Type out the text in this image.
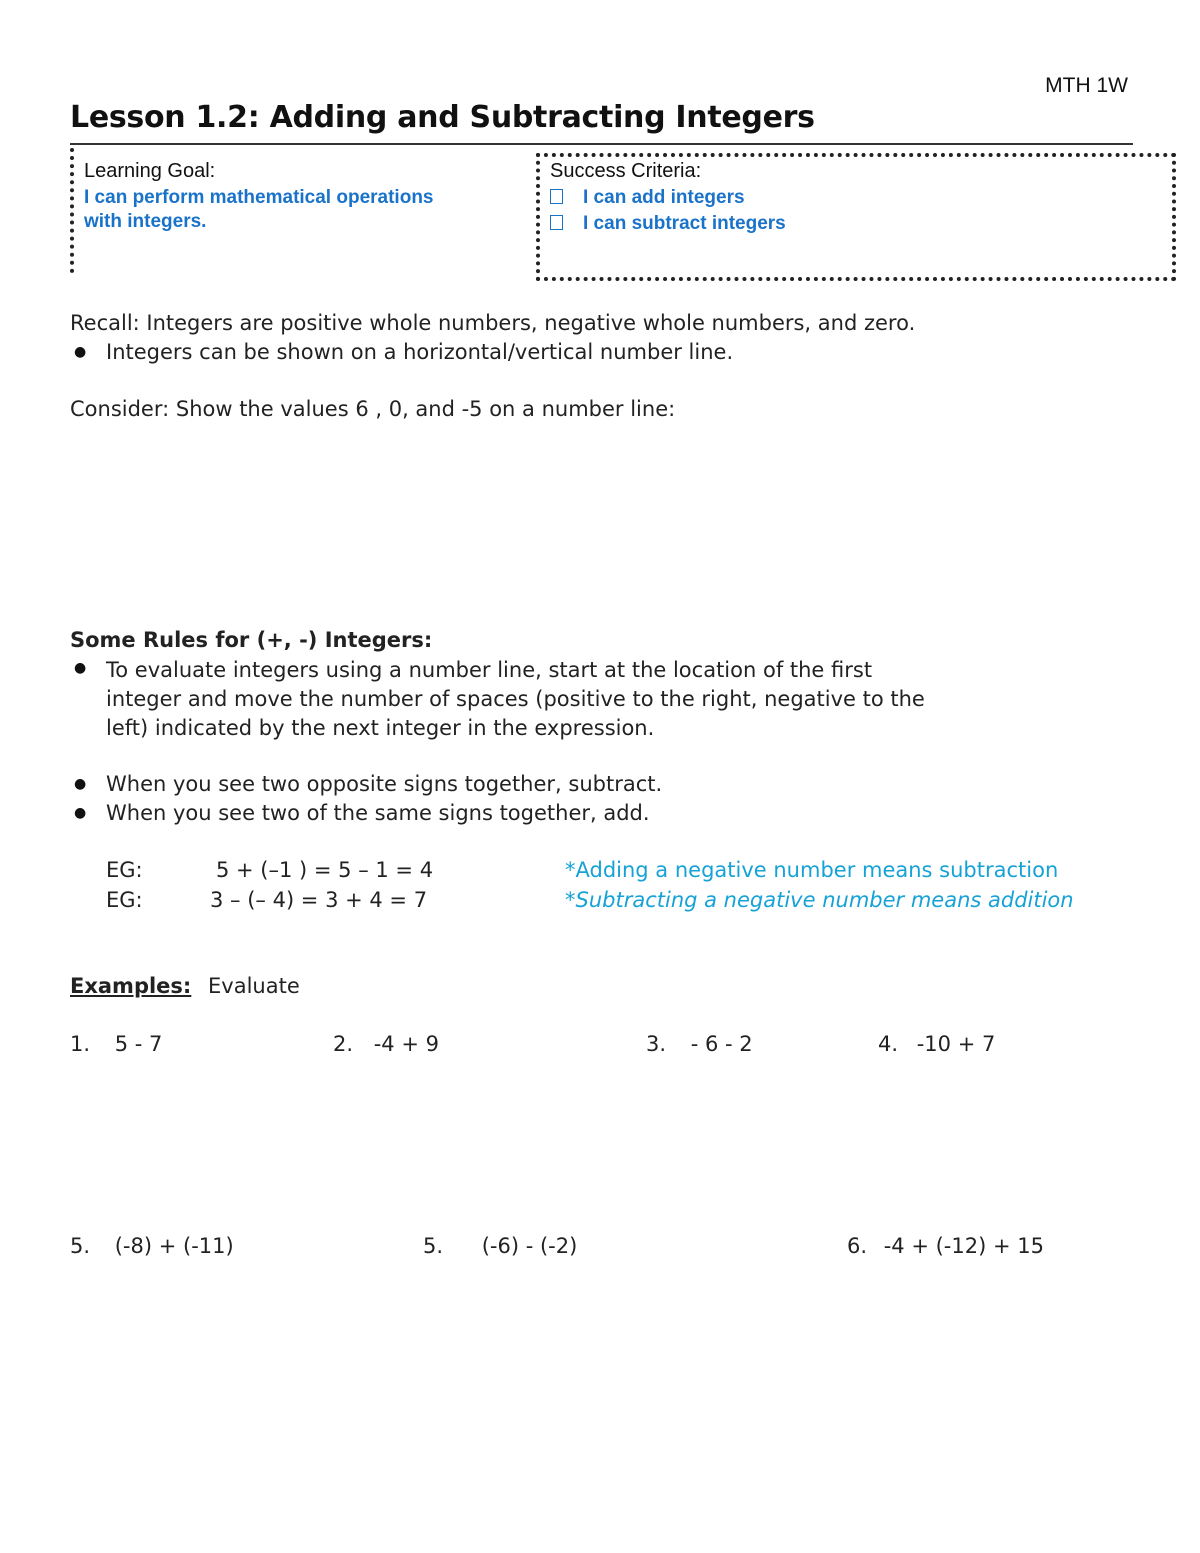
MTH 1W
Lesson 1.2: Adding and Subtracting Integers
Learning Goal:
I can perform mathematical operations
with integers.
Success Criteria:
I can add integers
I can subtract integers
Recall: Integers are positive whole numbers, negative whole numbers, and zero.
● Integers can be shown on a horizontal/vertical number line.
Consider: Show the values 6 , 0, and -5 on a number line:
Some Rules for (+, -) Integers:
● To evaluate integers using a number line, start at the location of the first
integer and move the number of spaces (positive to the right, negative to the
left) indicated by the next integer in the expression.
● When you see two opposite signs together, subtract.
● When you see two of the same signs together, add.
EG:	5 + (–1 ) = 5 – 1 = 4	*Adding a negative number means subtraction
EG:	3 – (– 4) = 3 + 4 = 7	*Subtracting a negative number means addition
Examples: Evaluate
1. 5 - 7	2. -4 + 9	3. - 6 - 2	4. -10 + 7
5. (-8) + (-11)	5. (-6) - (-2)	6. -4 + (-12) + 15
